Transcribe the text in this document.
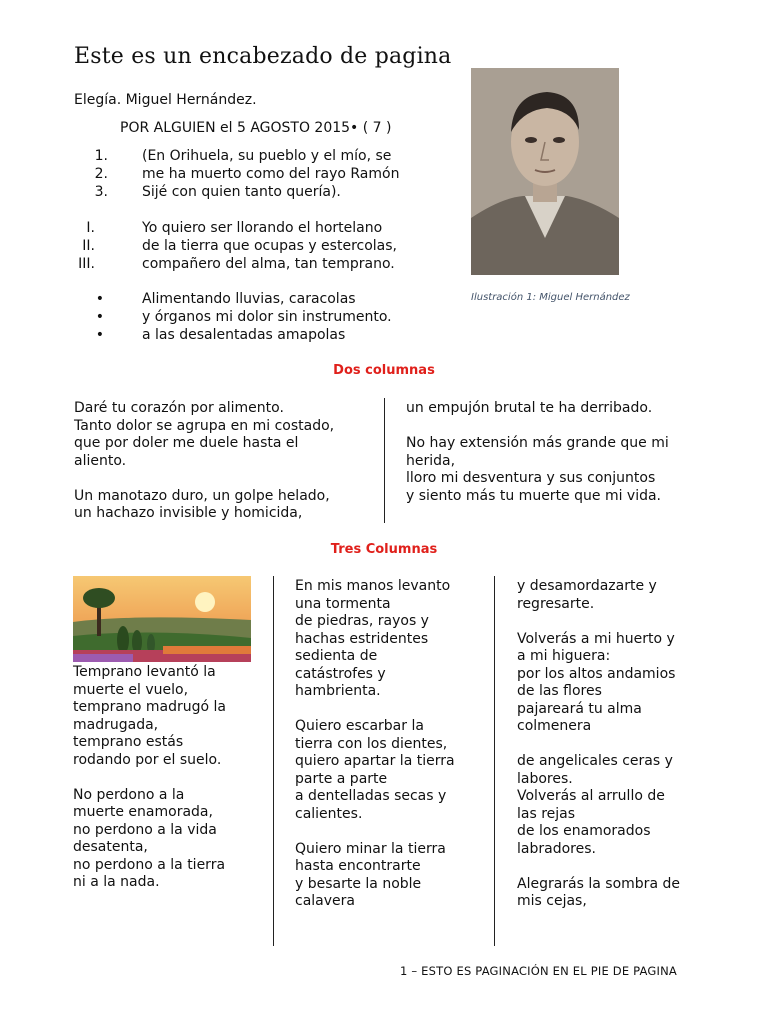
Este es un encabezado de pagina
Elegía. Miguel Hernández.
POR ALGUIEN el 5 AGOSTO 2015• ( 7 )
1. (En Orihuela, su pueblo y el mío, se
2. me ha muerto como del rayo Ramón
3. Sijé con quien tanto quería).
I.	Yo quiero ser llorando el hortelano
II.	de la tierra que ocupas y estercolas,
III.	compañero del alma, tan temprano.
•	Alimentando lluvias, caracolas
•	y órganos mi dolor sin instrumento.
•	a las desalentadas amapolas
Ilustración 1: Miguel Hernández
Dos columnas
Daré tu corazón por alimento.
Tanto dolor se agrupa en mi costado,
que por doler me duele hasta el
aliento.

Un manotazo duro, un golpe helado,
un hachazo invisible y homicida,
un empujón brutal te ha derribado.

No hay extensión más grande que mi
herida,
lloro mi desventura y sus conjuntos
y siento más tu muerte que mi vida.
Tres Columnas
Temprano levantó la
muerte el vuelo,
temprano madrugó la
madrugada,
temprano estás
rodando por el suelo.

No perdono a la
muerte enamorada,
no perdono a la vida
desatenta,
no perdono a la tierra
ni a la nada.
En mis manos levanto
una tormenta
de piedras, rayos y
hachas estridentes
sedienta de
catástrofes y
hambrienta.

Quiero escarbar la
tierra con los dientes,
quiero apartar la tierra
parte a parte
a dentelladas secas y
calientes.

Quiero minar la tierra
hasta encontrarte
y besarte la noble
calavera
y desamordazarte y
regresarte.

Volverás a mi huerto y
a mi higuera:
por los altos andamios
de las flores
pajareará tu alma
colmenera

de angelicales ceras y
labores.
Volverás al arrullo de
las rejas
de los enamorados
labradores.

Alegrarás la sombra de
mis cejas,
1 – ESTO ES PAGINACIÓN EN EL PIE DE PAGINA
